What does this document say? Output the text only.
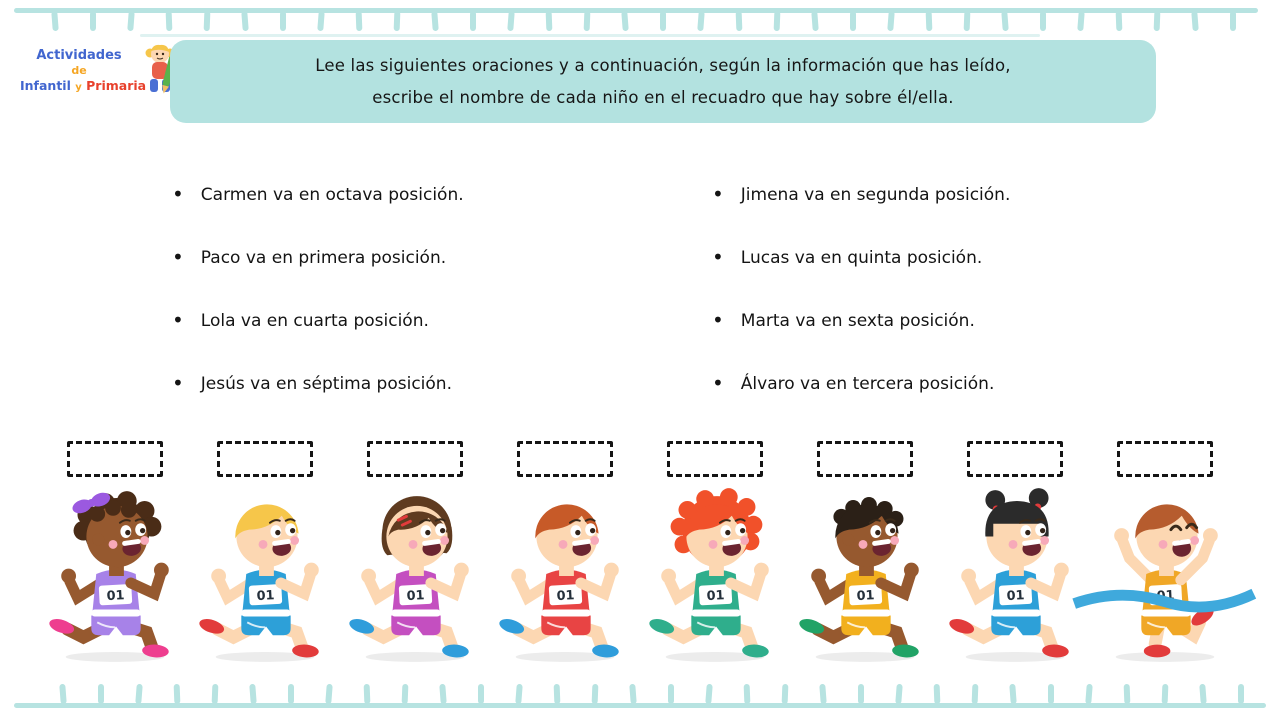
Actividades
de
Infantil y Primaria
Lee las siguientes oraciones y a continuación, según la información que has leído,
escribe el nombre de cada niño en el recuadro que hay sobre él/ella.
• Carmen va en octava posición.
• Paco va en primera posición.
• Lola va en cuarta posición.
• Jesús va en séptima posición.
• Jimena va en segunda posición.
• Lucas va en quinta posición.
• Marta va en sexta posición.
• Álvaro va en tercera posición.
01	01	01	01	01	01	01	01
